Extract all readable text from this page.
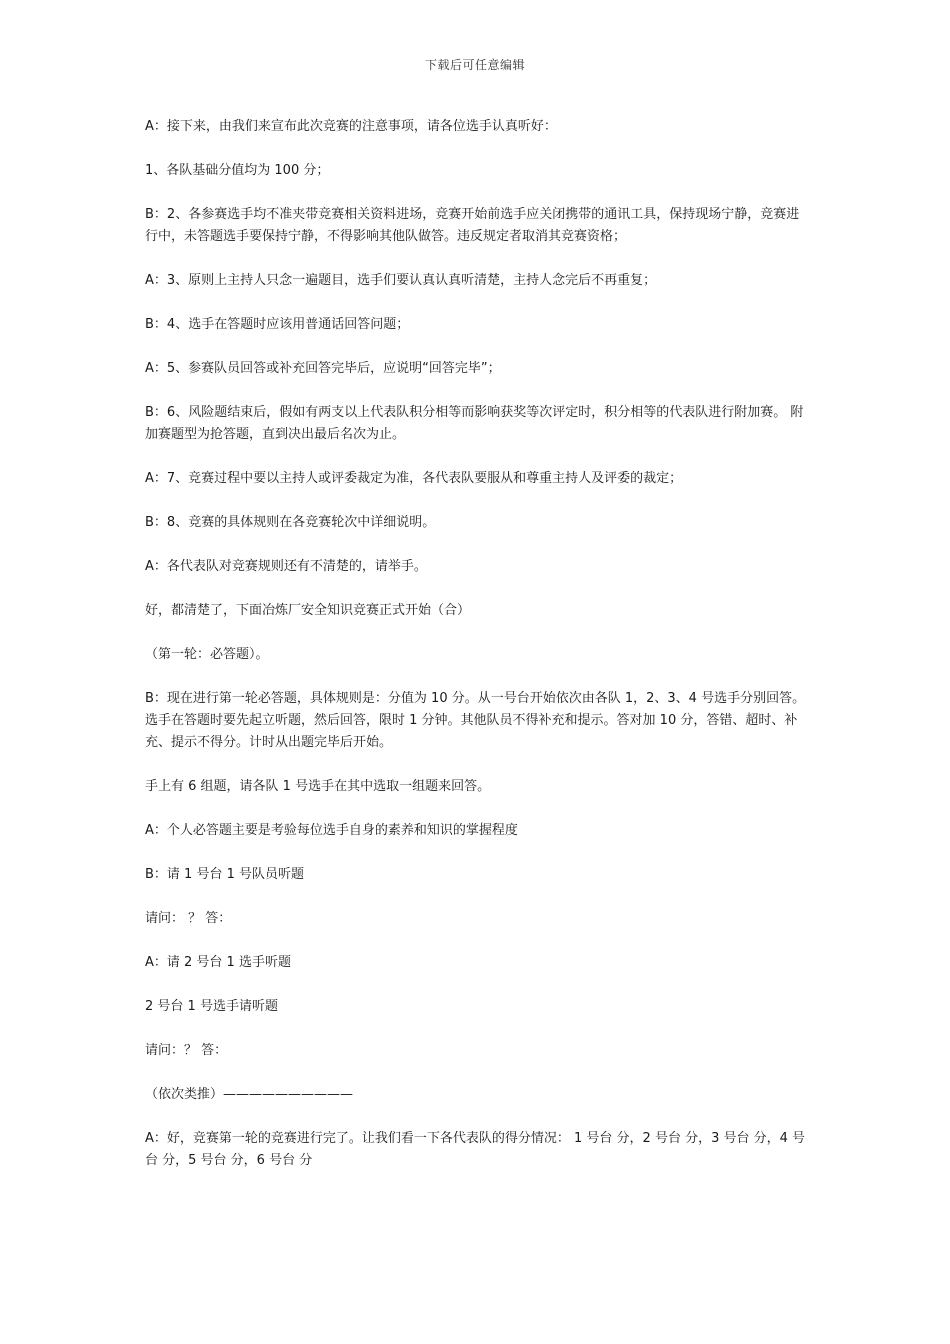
下载后可任意编辑

A：接下来，由我们来宣布此次竞赛的注意事项，请各位选手认真听好：

1、各队基础分值均为 100 分；

B：2、各参赛选手均不准夹带竞赛相关资料进场，竞赛开始前选手应关闭携带的通讯工具，保持现场宁静，竞赛进行中，未答题选手要保持宁静，不得影响其他队做答。违反规定者取消其竞赛资格；

A：3、原则上主持人只念一遍题目，选手们要认真认真听清楚，主持人念完后不再重复；

B：4、选手在答题时应该用普通话回答问题；

A：5、参赛队员回答或补充回答完毕后，应说明“回答完毕”；

B：6、风险题结束后，假如有两支以上代表队积分相等而影响获奖等次评定时，积分相等的代表队进行附加赛。 附加赛题型为抢答题，直到决出最后名次为止。

A：7、竞赛过程中要以主持人或评委裁定为准，各代表队要服从和尊重主持人及评委的裁定；

B：8、竞赛的具体规则在各竞赛轮次中详细说明。

A：各代表队对竞赛规则还有不清楚的，请举手。

好，都清楚了，下面冶炼厂安全知识竞赛正式开始（合）

（第一轮：必答题）。

B：现在进行第一轮必答题，具体规则是：分值为 10 分。从一号台开始依次由各队 1，2、3、4 号选手分别回答。选手在答题时要先起立听题，然后回答，限时 1 分钟。其他队员不得补充和提示。答对加 10 分，答错、超时、补充、提示不得分。计时从出题完毕后开始。

手上有 6 组题，请各队 1 号选手在其中选取一组题来回答。

A：个人必答题主要是考验每位选手自身的素养和知识的掌握程度

B：请 1 号台 1 号队员听题

请问： ？ 答：

A：请 2 号台 1 选手听题

2 号台 1 号选手请听题

请问：？ 答：

（依次类推）——————————

A：好，竞赛第一轮的竞赛进行完了。让我们看一下各代表队的得分情况： 1 号台 分，2 号台 分，3 号台 分，4 号台 分，5 号台 分，6 号台 分
